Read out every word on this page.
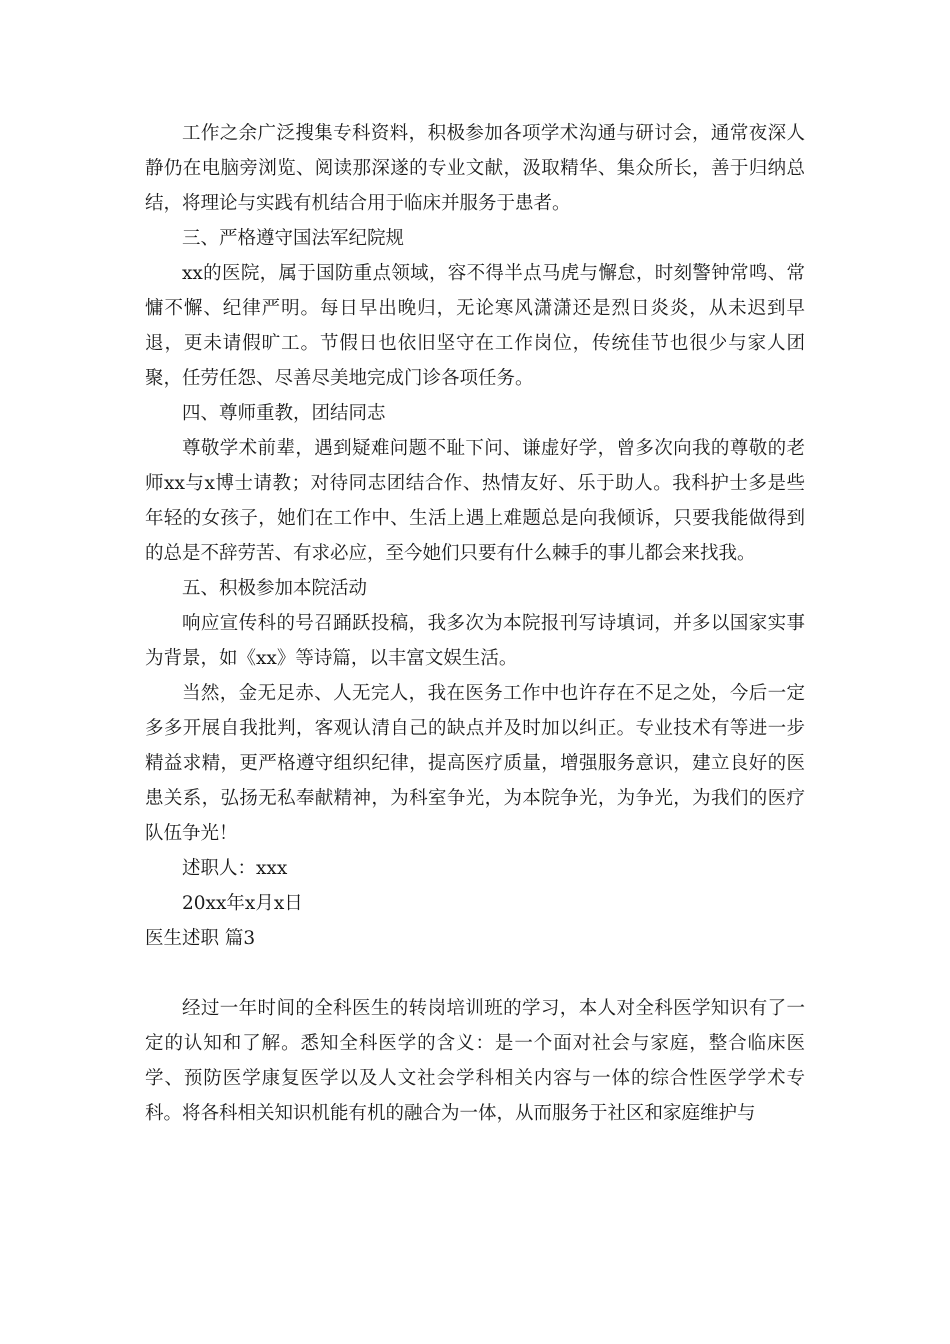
工作之余广泛搜集专科资料，积极参加各项学术沟通与研讨会，通常夜深人静仍在电脑旁浏览、阅读那深遂的专业文献，汲取精华、集众所长，善于归纳总结，将理论与实践有机结合用于临床并服务于患者。

三、严格遵守国法军纪院规

xx的医院，属于国防重点领域，容不得半点马虎与懈怠，时刻警钟常鸣、常慵不懈、纪律严明。每日早出晚归，无论寒风潇潇还是烈日炎炎，从未迟到早退，更未请假旷工。节假日也依旧坚守在工作岗位，传统佳节也很少与家人团聚，任劳任怨、尽善尽美地完成门诊各项任务。

四、尊师重教，团结同志

尊敬学术前辈，遇到疑难问题不耻下问、谦虚好学，曾多次向我的尊敬的老师xx与x博士请教；对待同志团结合作、热情友好、乐于助人。我科护士多是些年轻的女孩子，她们在工作中、生活上遇上难题总是向我倾诉，只要我能做得到的总是不辞劳苦、有求必应，至今她们只要有什么棘手的事儿都会来找我。

五、积极参加本院活动

响应宣传科的号召踊跃投稿，我多次为本院报刊写诗填词，并多以国家实事为背景，如《xx》等诗篇，以丰富文娱生活。

当然，金无足赤、人无完人，我在医务工作中也许存在不足之处，今后一定多多开展自我批判，客观认清自己的缺点并及时加以纠正。专业技术有等进一步精益求精，更严格遵守组织纪律，提高医疗质量，增强服务意识，建立良好的医患关系，弘扬无私奉献精神，为科室争光，为本院争光，为争光，为我们的医疗队伍争光！

述职人：xxx

20xx年x月x日

医生述职 篇3

经过一年时间的全科医生的转岗培训班的学习，本人对全科医学知识有了一定的认知和了解。悉知全科医学的含义：是一个面对社会与家庭，整合临床医学、预防医学康复医学以及人文社会学科相关内容与一体的综合性医学学术专科。将各科相关知识机能有机的融合为一体，从而服务于社区和家庭维护与
